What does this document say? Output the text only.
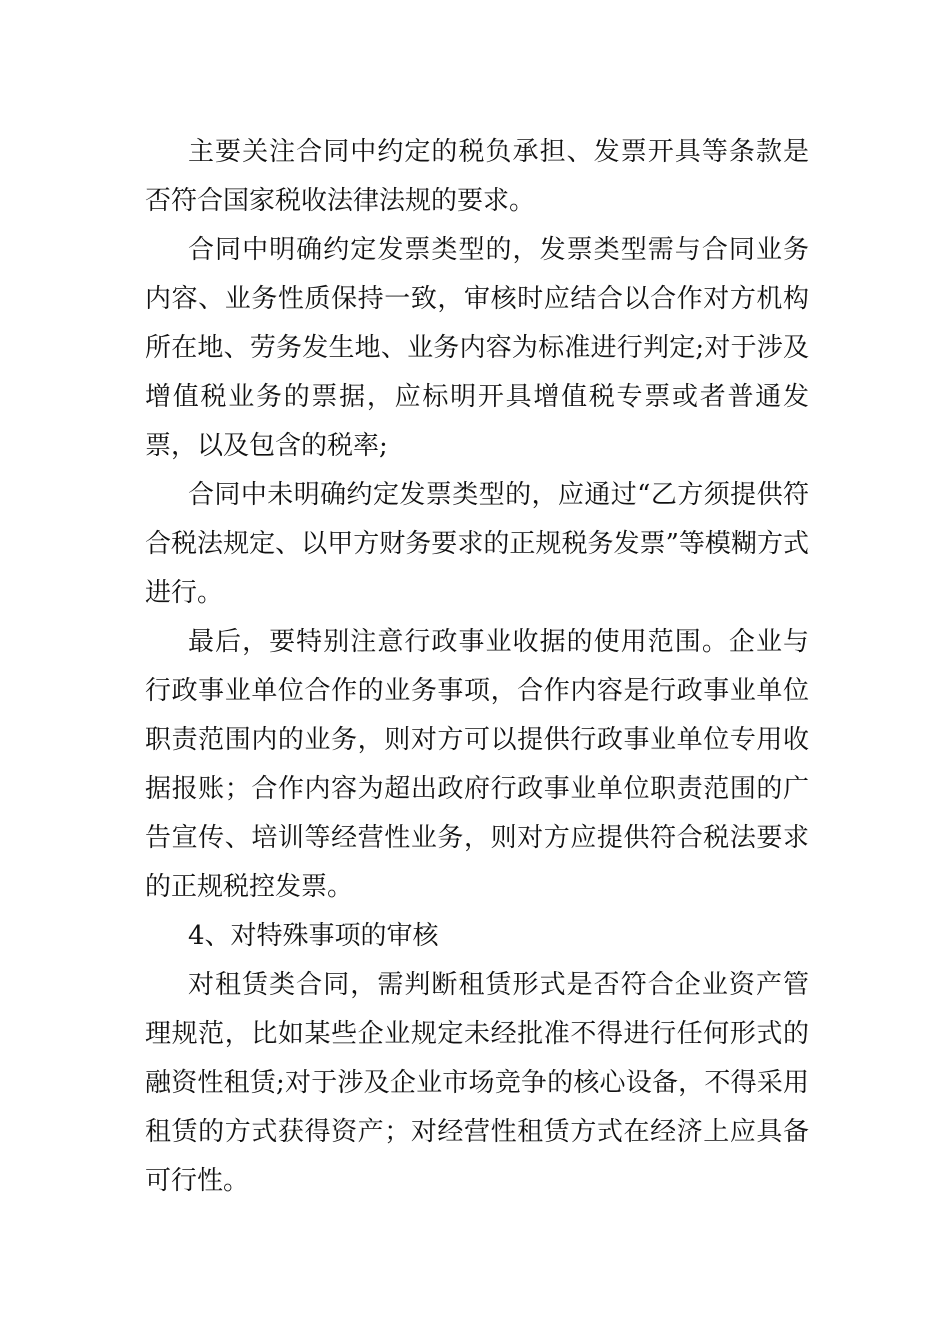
主要关注合同中约定的税负承担、发票开具等条款是否符合国家税收法律法规的要求。

合同中明确约定发票类型的，发票类型需与合同业务内容、业务性质保持一致，审核时应结合以合作对方机构所在地、劳务发生地、业务内容为标准进行判定;对于涉及增值税业务的票据，应标明开具增值税专票或者普通发票，以及包含的税率;

合同中未明确约定发票类型的，应通过“乙方须提供符合税法规定、以甲方财务要求的正规税务发票”等模糊方式进行。

最后，要特别注意行政事业收据的使用范围。企业与行政事业单位合作的业务事项，合作内容是行政事业单位职责范围内的业务，则对方可以提供行政事业单位专用收据报账；合作内容为超出政府行政事业单位职责范围的广告宣传、培训等经营性业务，则对方应提供符合税法要求的正规税控发票。

4、对特殊事项的审核

对租赁类合同，需判断租赁形式是否符合企业资产管理规范，比如某些企业规定未经批准不得进行任何形式的融资性租赁;对于涉及企业市场竞争的核心设备，不得采用租赁的方式获得资产；对经营性租赁方式在经济上应具备可行性。
